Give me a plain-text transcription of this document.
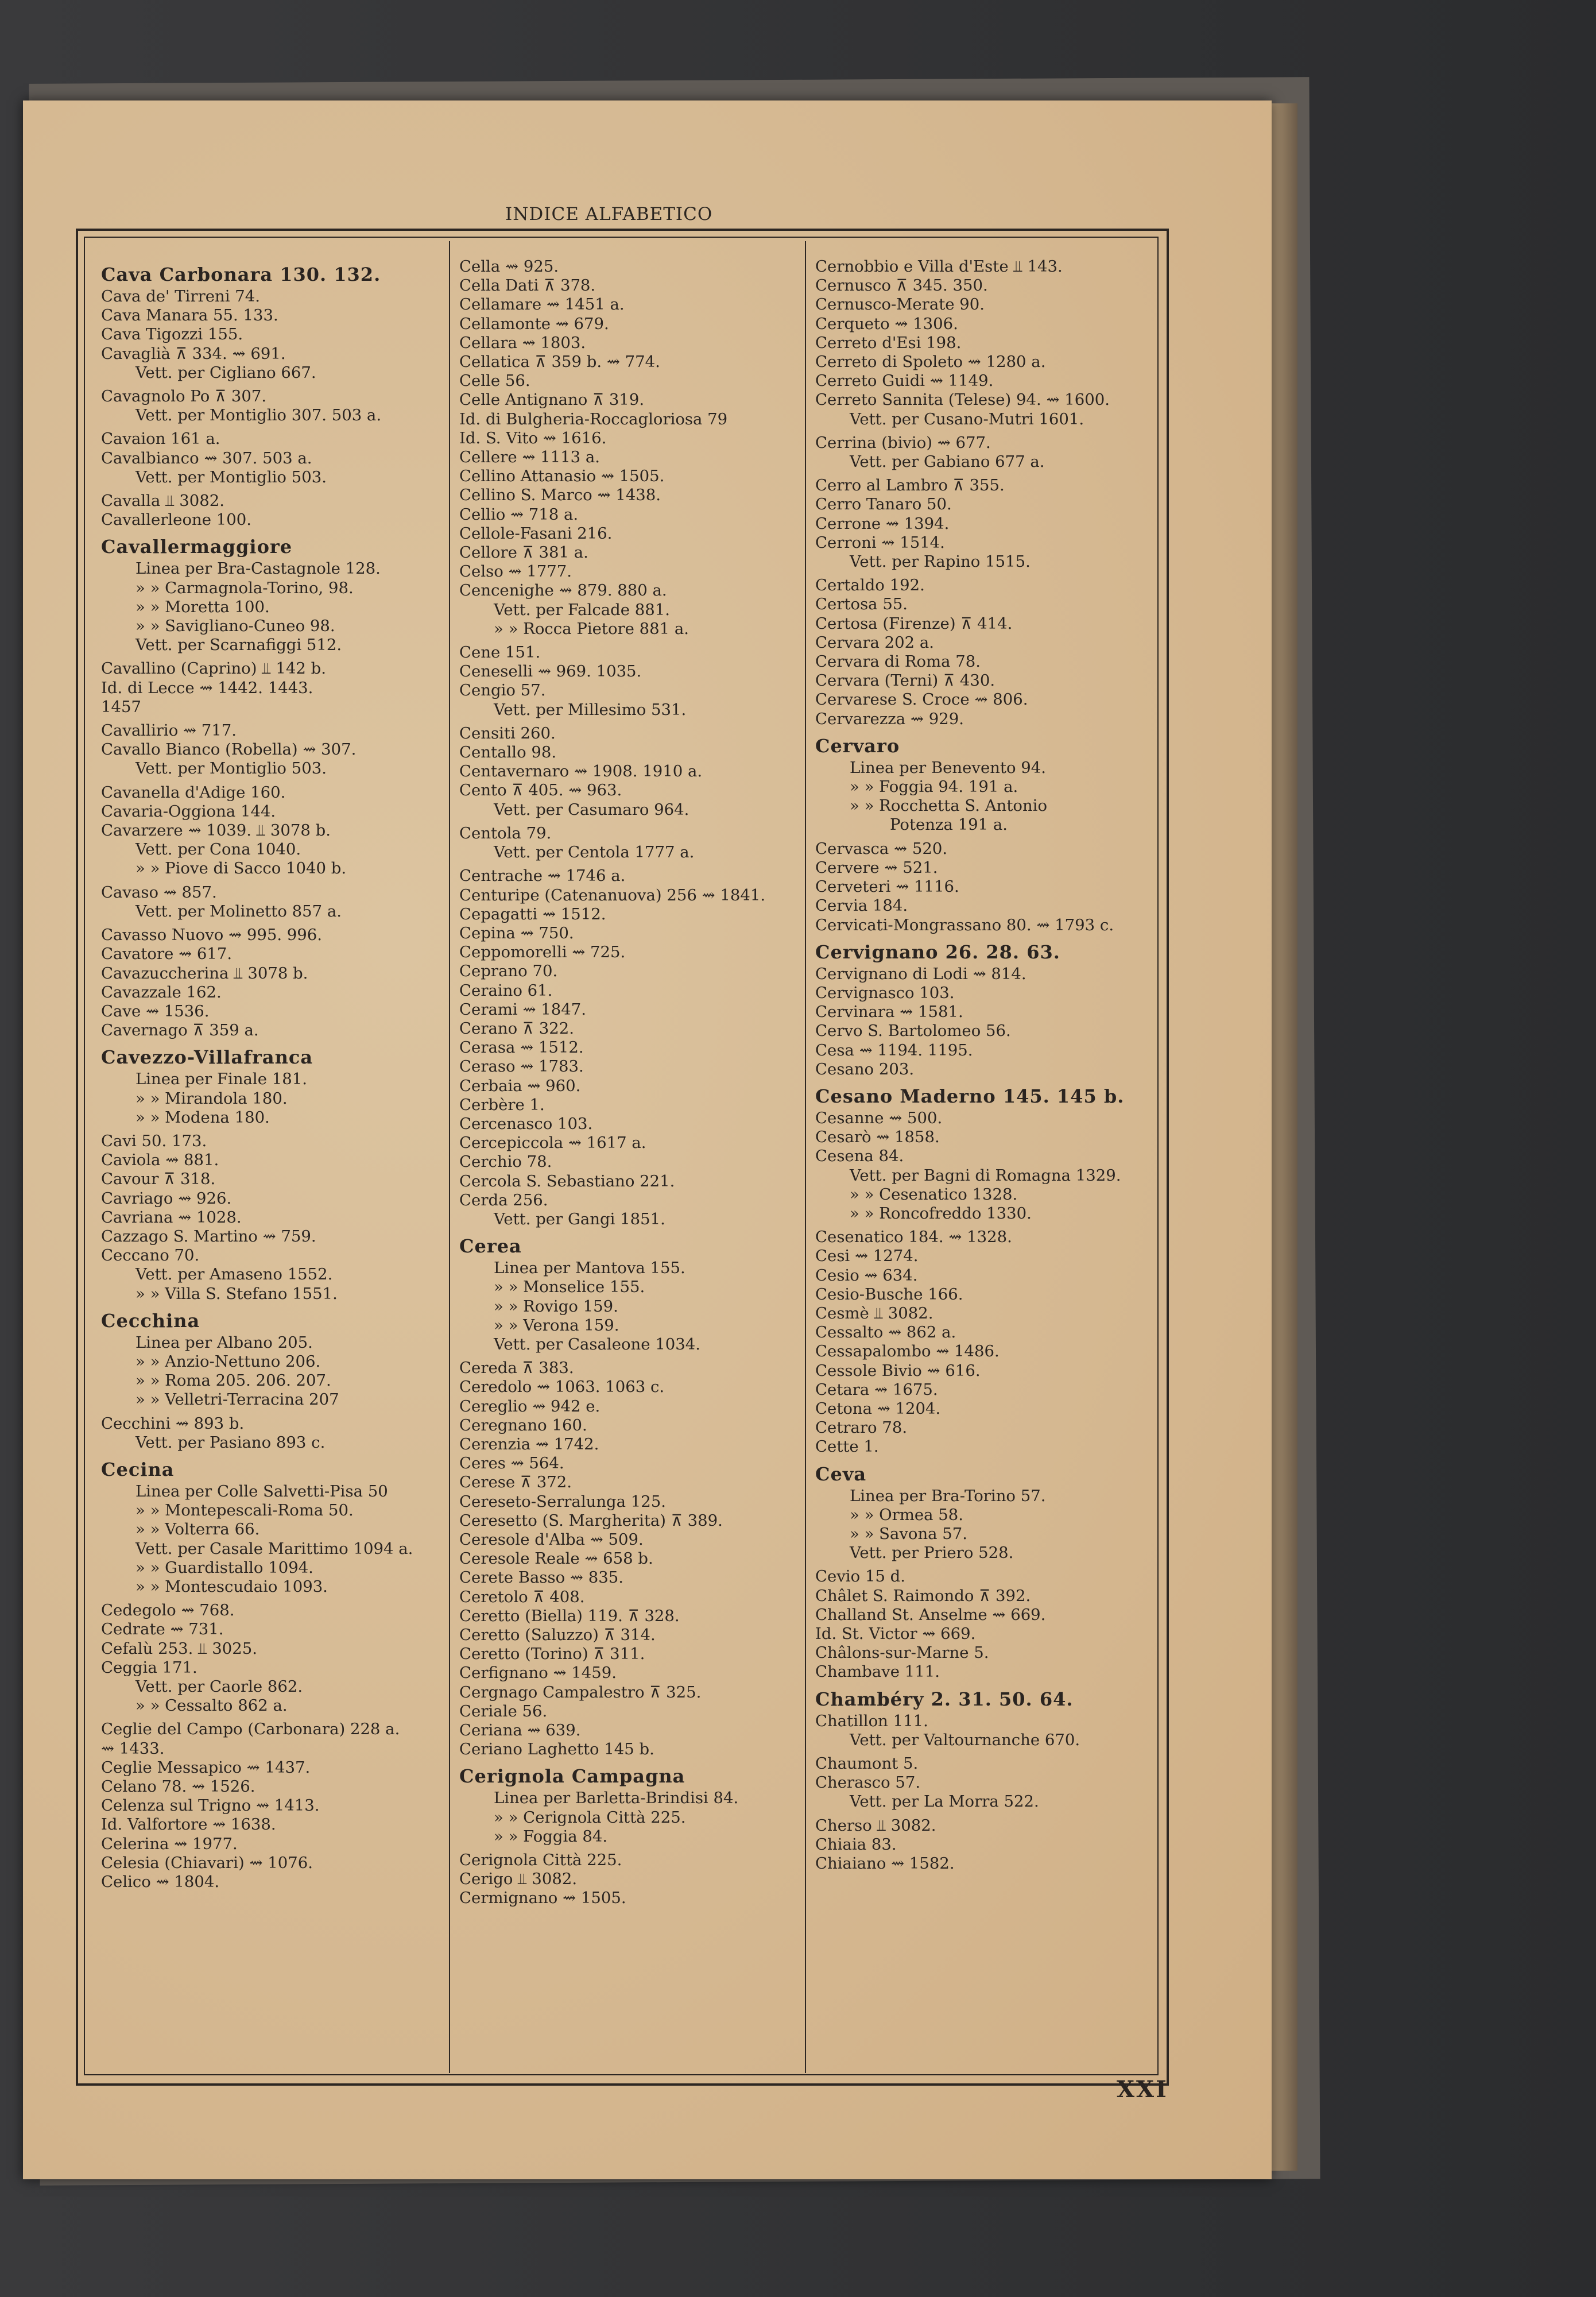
INDICE ALFABETICO
Cava Carbonara 130. 132.
Cava de' Tirreni 74.
Cava Manara 55. 133.
Cava Tigozzi 155.
Cavaglià ⊼ 334. ⇝ 691.
Vett. per Cigliano 667.
Cavagnolo Po ⊼ 307.
Vett. per Montiglio 307. 503 a.
Cavaion 161 a.
Cavalbianco ⇝ 307. 503 a.
Vett. per Montiglio 503.
Cavalla ⫫ 3082.
Cavallerleone 100.
Cavallermaggiore
Linea per Bra-Castagnole 128.
» » Carmagnola-Torino, 98.
» » Moretta 100.
» » Savigliano-Cuneo 98.
Vett. per Scarnafiggi 512.
Cavallino (Caprino) ⫫ 142 b.
Id. di Lecce ⇝ 1442. 1443.
1457
Cavallirio ⇝ 717.
Cavallo Bianco (Robella) ⇝ 307.
Vett. per Montiglio 503.
Cavanella d'Adige 160.
Cavaria-Oggiona 144.
Cavarzere ⇝ 1039. ⫫ 3078 b.
Vett. per Cona 1040.
» » Piove di Sacco 1040 b.
Cavaso ⇝ 857.
Vett. per Molinetto 857 a.
Cavasso Nuovo ⇝ 995. 996.
Cavatore ⇝ 617.
Cavazuccherina ⫫ 3078 b.
Cavazzale 162.
Cave ⇝ 1536.
Cavernago ⊼ 359 a.
Cavezzo-Villafranca
Linea per Finale 181.
» » Mirandola 180.
» » Modena 180.
Cavi 50. 173.
Caviola ⇝ 881.
Cavour ⊼ 318.
Cavriago ⇝ 926.
Cavriana ⇝ 1028.
Cazzago S. Martino ⇝ 759.
Ceccano 70.
Vett. per Amaseno 1552.
» » Villa S. Stefano 1551.
Cecchina
Linea per Albano 205.
» » Anzio-Nettuno 206.
» » Roma 205. 206. 207.
» » Velletri-Terracina 207
Cecchini ⇝ 893 b.
Vett. per Pasiano 893 c.
Cecina
Linea per Colle Salvetti-Pisa 50
» » Montepescali-Roma 50.
» » Volterra 66.
Vett. per Casale Marittimo 1094 a.
» » Guardistallo 1094.
» » Montescudaio 1093.
Cedegolo ⇝ 768.
Cedrate ⇝ 731.
Cefalù 253. ⫫ 3025.
Ceggia 171.
Vett. per Caorle 862.
» » Cessalto 862 a.
Ceglie del Campo (Carbonara) 228 a.
⇝ 1433.
Ceglie Messapico ⇝ 1437.
Celano 78. ⇝ 1526.
Celenza sul Trigno ⇝ 1413.
Id. Valfortore ⇝ 1638.
Celerina ⇝ 1977.
Celesia (Chiavari) ⇝ 1076.
Celico ⇝ 1804.
Cella ⇝ 925.
Cella Dati ⊼ 378.
Cellamare ⇝ 1451 a.
Cellamonte ⇝ 679.
Cellara ⇝ 1803.
Cellatica ⊼ 359 b. ⇝ 774.
Celle 56.
Celle Antignano ⊼ 319.
Id. di Bulgheria-Roccagloriosa 79
Id. S. Vito ⇝ 1616.
Cellere ⇝ 1113 a.
Cellino Attanasio ⇝ 1505.
Cellino S. Marco ⇝ 1438.
Cellio ⇝ 718 a.
Cellole-Fasani 216.
Cellore ⊼ 381 a.
Celso ⇝ 1777.
Cencenighe ⇝ 879. 880 a.
Vett. per Falcade 881.
» » Rocca Pietore 881 a.
Cene 151.
Ceneselli ⇝ 969. 1035.
Cengio 57.
Vett. per Millesimo 531.
Censiti 260.
Centallo 98.
Centavernaro ⇝ 1908. 1910 a.
Cento ⊼ 405. ⇝ 963.
Vett. per Casumaro 964.
Centola 79.
Vett. per Centola 1777 a.
Centrache ⇝ 1746 a.
Centuripe (Catenanuova) 256 ⇝ 1841.
Cepagatti ⇝ 1512.
Cepina ⇝ 750.
Ceppomorelli ⇝ 725.
Ceprano 70.
Ceraino 61.
Cerami ⇝ 1847.
Cerano ⊼ 322.
Cerasa ⇝ 1512.
Ceraso ⇝ 1783.
Cerbaia ⇝ 960.
Cerbère 1.
Cercenasco 103.
Cercepiccola ⇝ 1617 a.
Cerchio 78.
Cercola S. Sebastiano 221.
Cerda 256.
Vett. per Gangi 1851.
Cerea
Linea per Mantova 155.
» » Monselice 155.
» » Rovigo 159.
» » Verona 159.
Vett. per Casaleone 1034.
Cereda ⊼ 383.
Ceredolo ⇝ 1063. 1063 c.
Cereglio ⇝ 942 e.
Ceregnano 160.
Cerenzia ⇝ 1742.
Ceres ⇝ 564.
Cerese ⊼ 372.
Cereseto-Serralunga 125.
Ceresetto (S. Margherita) ⊼ 389.
Ceresole d'Alba ⇝ 509.
Ceresole Reale ⇝ 658 b.
Cerete Basso ⇝ 835.
Ceretolo ⊼ 408.
Ceretto (Biella) 119. ⊼ 328.
Ceretto (Saluzzo) ⊼ 314.
Ceretto (Torino) ⊼ 311.
Cerfignano ⇝ 1459.
Cergnago Campalestro ⊼ 325.
Ceriale 56.
Ceriana ⇝ 639.
Ceriano Laghetto 145 b.
Cerignola Campagna
Linea per Barletta-Brindisi 84.
» » Cerignola Città 225.
» » Foggia 84.
Cerignola Città 225.
Cerigo ⫫ 3082.
Cermignano ⇝ 1505.
Cernobbio e Villa d'Este ⫫ 143.
Cernusco ⊼ 345. 350.
Cernusco-Merate 90.
Cerqueto ⇝ 1306.
Cerreto d'Esi 198.
Cerreto di Spoleto ⇝ 1280 a.
Cerreto Guidi ⇝ 1149.
Cerreto Sannita (Telese) 94. ⇝ 1600.
Vett. per Cusano-Mutri 1601.
Cerrina (bivio) ⇝ 677.
Vett. per Gabiano 677 a.
Cerro al Lambro ⊼ 355.
Cerro Tanaro 50.
Cerrone ⇝ 1394.
Cerroni ⇝ 1514.
Vett. per Rapino 1515.
Certaldo 192.
Certosa 55.
Certosa (Firenze) ⊼ 414.
Cervara 202 a.
Cervara di Roma 78.
Cervara (Terni) ⊼ 430.
Cervarese S. Croce ⇝ 806.
Cervarezza ⇝ 929.
Cervaro
Linea per Benevento 94.
» » Foggia 94. 191 a.
» » Rocchetta S. Antonio
Potenza 191 a.
Cervasca ⇝ 520.
Cervere ⇝ 521.
Cerveteri ⇝ 1116.
Cervia 184.
Cervicati-Mongrassano 80. ⇝ 1793 c.
Cervignano 26. 28. 63.
Cervignano di Lodi ⇝ 814.
Cervignasco 103.
Cervinara ⇝ 1581.
Cervo S. Bartolomeo 56.
Cesa ⇝ 1194. 1195.
Cesano 203.
Cesano Maderno 145. 145 b.
Cesanne ⇝ 500.
Cesarò ⇝ 1858.
Cesena 84.
Vett. per Bagni di Romagna 1329.
» » Cesenatico 1328.
» » Roncofreddo 1330.
Cesenatico 184. ⇝ 1328.
Cesi ⇝ 1274.
Cesio ⇝ 634.
Cesio-Busche 166.
Cesmè ⫫ 3082.
Cessalto ⇝ 862 a.
Cessapalombo ⇝ 1486.
Cessole Bivio ⇝ 616.
Cetara ⇝ 1675.
Cetona ⇝ 1204.
Cetraro 78.
Cette 1.
Ceva
Linea per Bra-Torino 57.
» » Ormea 58.
» » Savona 57.
Vett. per Priero 528.
Cevio 15 d.
Châlet S. Raimondo ⊼ 392.
Challand St. Anselme ⇝ 669.
Id. St. Victor ⇝ 669.
Châlons-sur-Marne 5.
Chambave 111.
Chambéry 2. 31. 50. 64.
Chatillon 111.
Vett. per Valtournanche 670.
Chaumont 5.
Cherasco 57.
Vett. per La Morra 522.
Cherso ⫫ 3082.
Chiaia 83.
Chiaiano ⇝ 1582.
XXI
